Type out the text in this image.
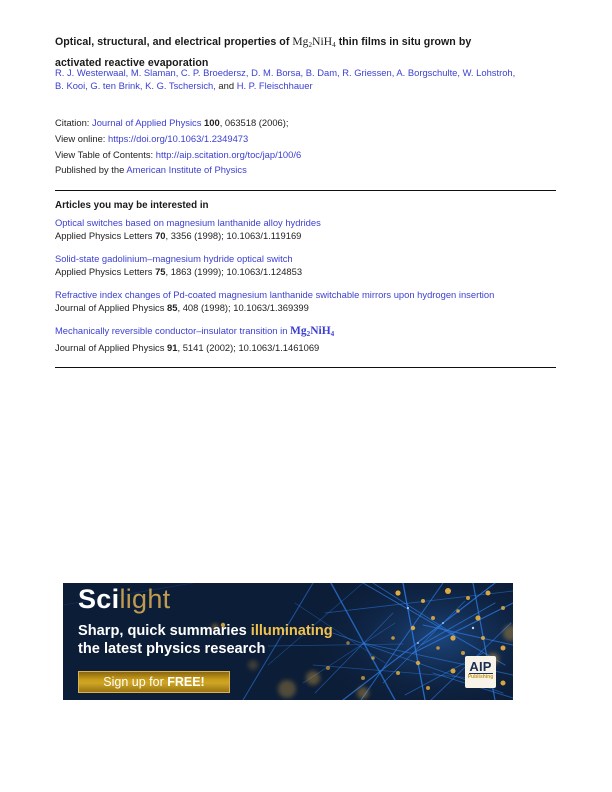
Optical, structural, and electrical properties of $Mg_2NiH_4$ thin films in situ grown by
activated reactive evaporation
R. J. Westerwaal, M. Slaman, C. P. Broedersz, D. M. Borsa, B. Dam, R. Griessen, A. Borgschulte, W. Lohstroh,
B. Kooi, G. ten Brink, K. G. Tschersich, and H. P. Fleischhauer
Citation: Journal of Applied Physics 100, 063518 (2006);
View online: https://doi.org/10.1063/1.2349473
View Table of Contents: http://aip.scitation.org/toc/jap/100/6
Published by the American Institute of Physics
Articles you may be interested in
Optical switches based on magnesium lanthanide alloy hydrides
Applied Physics Letters 70, 3356 (1998); 10.1063/1.119169
Solid-state gadolinium–magnesium hydride optical switch
Applied Physics Letters 75, 1863 (1999); 10.1063/1.124853
Refractive index changes of Pd-coated magnesium lanthanide switchable mirrors upon hydrogen insertion
Journal of Applied Physics 85, 408 (1998); 10.1063/1.369399
Mechanically reversible conductor–insulator transition in $Mg_2NiH_4$
Journal of Applied Physics 91, 5141 (2002); 10.1063/1.1461069
Scilight
Sharp, quick summaries illuminating
the latest physics research
Sign up for FREE!
AIP
Publishing
